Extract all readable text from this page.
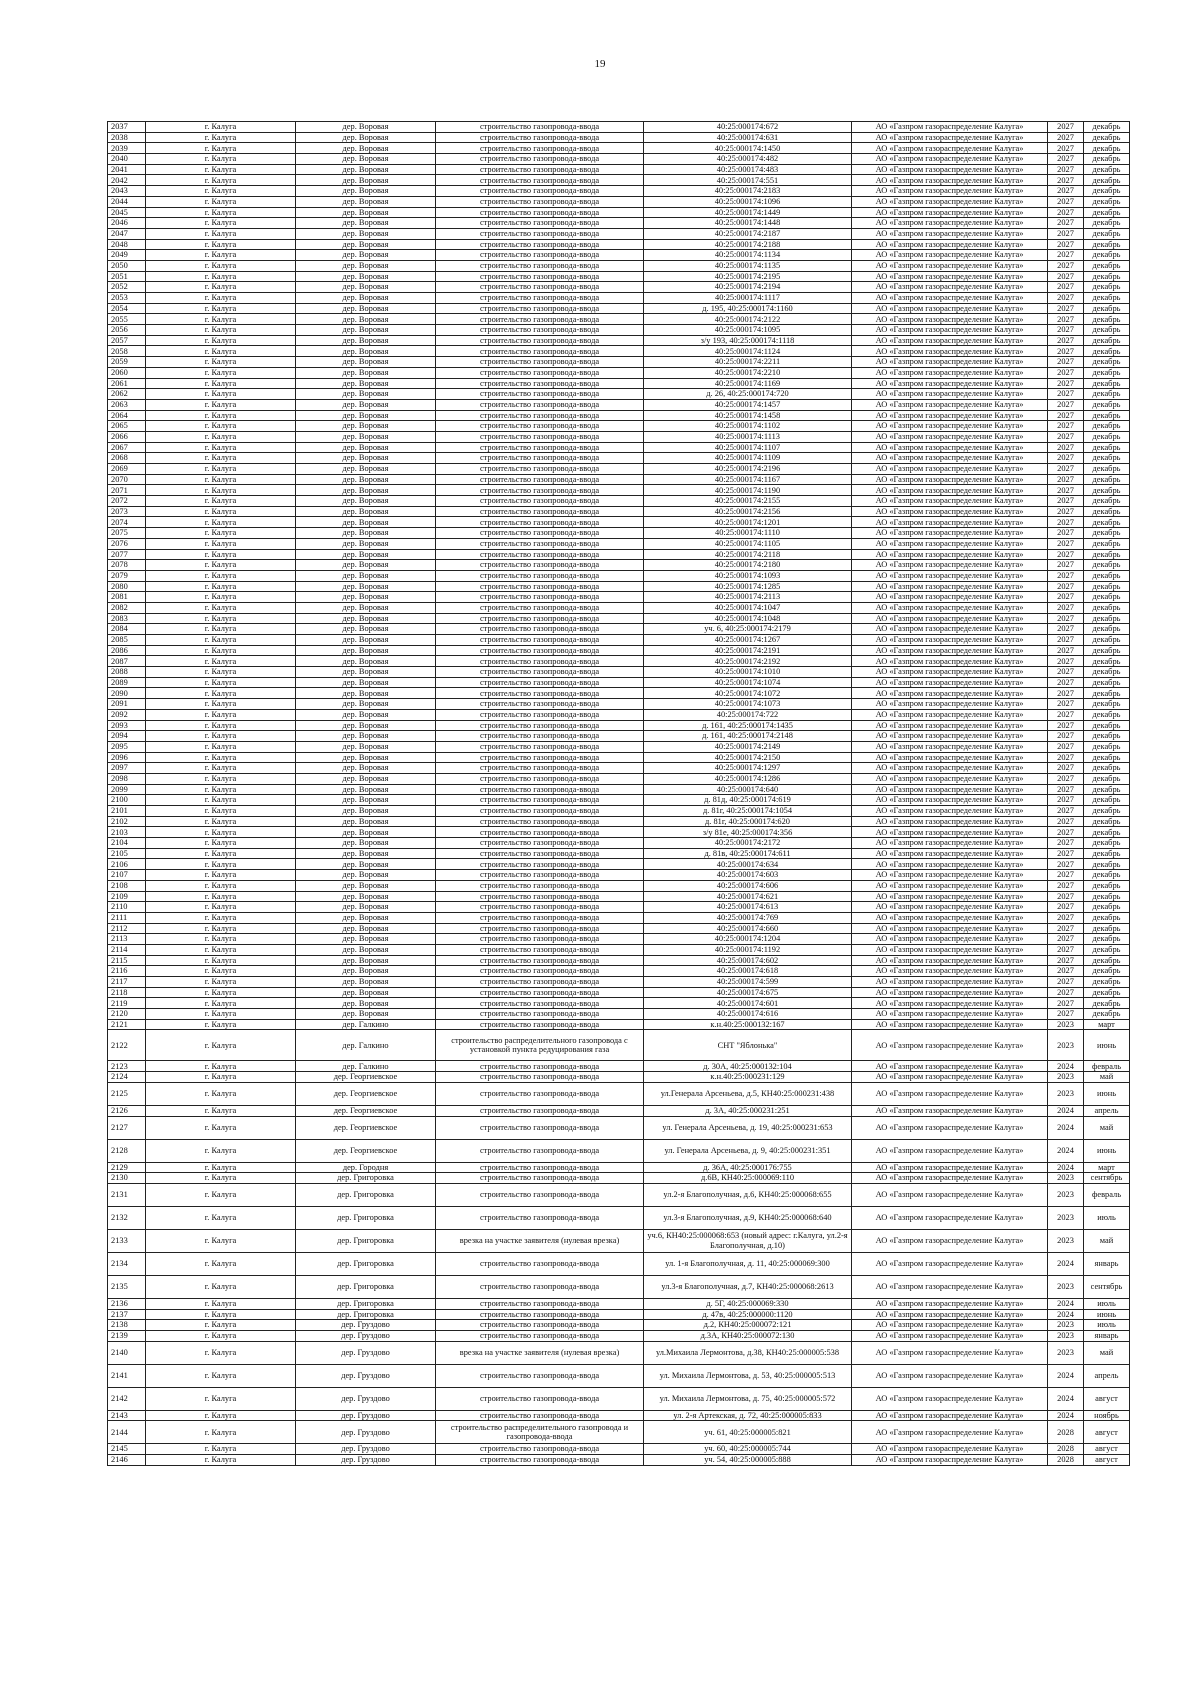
19
2037	г. Калуга	дер. Воровая	строительство газопровода-ввода	40:25:000174:672	АО «Газпром газораспределение Калуга»	2027	декабрь
2038	г. Калуга	дер. Воровая	строительство газопровода-ввода	40:25:000174:631	АО «Газпром газораспределение Калуга»	2027	декабрь
2039	г. Калуга	дер. Воровая	строительство газопровода-ввода	40:25:000174:1450	АО «Газпром газораспределение Калуга»	2027	декабрь
2040	г. Калуга	дер. Воровая	строительство газопровода-ввода	40:25:000174:482	АО «Газпром газораспределение Калуга»	2027	декабрь
2041	г. Калуга	дер. Воровая	строительство газопровода-ввода	40:25:000174:483	АО «Газпром газораспределение Калуга»	2027	декабрь
2042	г. Калуга	дер. Воровая	строительство газопровода-ввода	40:25:000174:551	АО «Газпром газораспределение Калуга»	2027	декабрь
2043	г. Калуга	дер. Воровая	строительство газопровода-ввода	40:25:000174:2183	АО «Газпром газораспределение Калуга»	2027	декабрь
2044	г. Калуга	дер. Воровая	строительство газопровода-ввода	40:25:000174:1096	АО «Газпром газораспределение Калуга»	2027	декабрь
2045	г. Калуга	дер. Воровая	строительство газопровода-ввода	40:25:000174:1449	АО «Газпром газораспределение Калуга»	2027	декабрь
2046	г. Калуга	дер. Воровая	строительство газопровода-ввода	40:25:000174:1448	АО «Газпром газораспределение Калуга»	2027	декабрь
2047	г. Калуга	дер. Воровая	строительство газопровода-ввода	40:25:000174:2187	АО «Газпром газораспределение Калуга»	2027	декабрь
2048	г. Калуга	дер. Воровая	строительство газопровода-ввода	40:25:000174:2188	АО «Газпром газораспределение Калуга»	2027	декабрь
2049	г. Калуга	дер. Воровая	строительство газопровода-ввода	40:25:000174:1134	АО «Газпром газораспределение Калуга»	2027	декабрь
2050	г. Калуга	дер. Воровая	строительство газопровода-ввода	40:25:000174:1135	АО «Газпром газораспределение Калуга»	2027	декабрь
2051	г. Калуга	дер. Воровая	строительство газопровода-ввода	40:25:000174:2195	АО «Газпром газораспределение Калуга»	2027	декабрь
2052	г. Калуга	дер. Воровая	строительство газопровода-ввода	40:25:000174:2194	АО «Газпром газораспределение Калуга»	2027	декабрь
2053	г. Калуга	дер. Воровая	строительство газопровода-ввода	40:25:000174:1117	АО «Газпром газораспределение Калуга»	2027	декабрь
2054	г. Калуга	дер. Воровая	строительство газопровода-ввода	д. 195, 40:25:000174:1160	АО «Газпром газораспределение Калуга»	2027	декабрь
2055	г. Калуга	дер. Воровая	строительство газопровода-ввода	40:25:000174:2122	АО «Газпром газораспределение Калуга»	2027	декабрь
2056	г. Калуга	дер. Воровая	строительство газопровода-ввода	40:25:000174:1095	АО «Газпром газораспределение Калуга»	2027	декабрь
2057	г. Калуга	дер. Воровая	строительство газопровода-ввода	з/у 193, 40:25:000174:1118	АО «Газпром газораспределение Калуга»	2027	декабрь
2058	г. Калуга	дер. Воровая	строительство газопровода-ввода	40:25:000174:1124	АО «Газпром газораспределение Калуга»	2027	декабрь
2059	г. Калуга	дер. Воровая	строительство газопровода-ввода	40:25:000174:2211	АО «Газпром газораспределение Калуга»	2027	декабрь
2060	г. Калуга	дер. Воровая	строительство газопровода-ввода	40:25:000174:2210	АО «Газпром газораспределение Калуга»	2027	декабрь
2061	г. Калуга	дер. Воровая	строительство газопровода-ввода	40:25:000174:1169	АО «Газпром газораспределение Калуга»	2027	декабрь
2062	г. Калуга	дер. Воровая	строительство газопровода-ввода	д. 26, 40:25:000174:720	АО «Газпром газораспределение Калуга»	2027	декабрь
2063	г. Калуга	дер. Воровая	строительство газопровода-ввода	40:25:000174:1457	АО «Газпром газораспределение Калуга»	2027	декабрь
2064	г. Калуга	дер. Воровая	строительство газопровода-ввода	40:25:000174:1458	АО «Газпром газораспределение Калуга»	2027	декабрь
2065	г. Калуга	дер. Воровая	строительство газопровода-ввода	40:25:000174:1102	АО «Газпром газораспределение Калуга»	2027	декабрь
2066	г. Калуга	дер. Воровая	строительство газопровода-ввода	40:25:000174:1113	АО «Газпром газораспределение Калуга»	2027	декабрь
2067	г. Калуга	дер. Воровая	строительство газопровода-ввода	40:25:000174:1107	АО «Газпром газораспределение Калуга»	2027	декабрь
2068	г. Калуга	дер. Воровая	строительство газопровода-ввода	40:25:000174:1109	АО «Газпром газораспределение Калуга»	2027	декабрь
2069	г. Калуга	дер. Воровая	строительство газопровода-ввода	40:25:000174:2196	АО «Газпром газораспределение Калуга»	2027	декабрь
2070	г. Калуга	дер. Воровая	строительство газопровода-ввода	40:25:000174:1167	АО «Газпром газораспределение Калуга»	2027	декабрь
2071	г. Калуга	дер. Воровая	строительство газопровода-ввода	40:25:000174:1190	АО «Газпром газораспределение Калуга»	2027	декабрь
2072	г. Калуга	дер. Воровая	строительство газопровода-ввода	40:25:000174:2155	АО «Газпром газораспределение Калуга»	2027	декабрь
2073	г. Калуга	дер. Воровая	строительство газопровода-ввода	40:25:000174:2156	АО «Газпром газораспределение Калуга»	2027	декабрь
2074	г. Калуга	дер. Воровая	строительство газопровода-ввода	40:25:000174:1201	АО «Газпром газораспределение Калуга»	2027	декабрь
2075	г. Калуга	дер. Воровая	строительство газопровода-ввода	40:25:000174:1110	АО «Газпром газораспределение Калуга»	2027	декабрь
2076	г. Калуга	дер. Воровая	строительство газопровода-ввода	40:25:000174:1105	АО «Газпром газораспределение Калуга»	2027	декабрь
2077	г. Калуга	дер. Воровая	строительство газопровода-ввода	40:25:000174:2118	АО «Газпром газораспределение Калуга»	2027	декабрь
2078	г. Калуга	дер. Воровая	строительство газопровода-ввода	40:25:000174:2180	АО «Газпром газораспределение Калуга»	2027	декабрь
2079	г. Калуга	дер. Воровая	строительство газопровода-ввода	40:25:000174:1093	АО «Газпром газораспределение Калуга»	2027	декабрь
2080	г. Калуга	дер. Воровая	строительство газопровода-ввода	40:25:000174:1285	АО «Газпром газораспределение Калуга»	2027	декабрь
2081	г. Калуга	дер. Воровая	строительство газопровода-ввода	40:25:000174:2113	АО «Газпром газораспределение Калуга»	2027	декабрь
2082	г. Калуга	дер. Воровая	строительство газопровода-ввода	40:25:000174:1047	АО «Газпром газораспределение Калуга»	2027	декабрь
2083	г. Калуга	дер. Воровая	строительство газопровода-ввода	40:25:000174:1048	АО «Газпром газораспределение Калуга»	2027	декабрь
2084	г. Калуга	дер. Воровая	строительство газопровода-ввода	уч. 6, 40:25:000174:2179	АО «Газпром газораспределение Калуга»	2027	декабрь
2085	г. Калуга	дер. Воровая	строительство газопровода-ввода	40:25:000174:1267	АО «Газпром газораспределение Калуга»	2027	декабрь
2086	г. Калуга	дер. Воровая	строительство газопровода-ввода	40:25:000174:2191	АО «Газпром газораспределение Калуга»	2027	декабрь
2087	г. Калуга	дер. Воровая	строительство газопровода-ввода	40:25:000174:2192	АО «Газпром газораспределение Калуга»	2027	декабрь
2088	г. Калуга	дер. Воровая	строительство газопровода-ввода	40:25:000174:1010	АО «Газпром газораспределение Калуга»	2027	декабрь
2089	г. Калуга	дер. Воровая	строительство газопровода-ввода	40:25:000174:1074	АО «Газпром газораспределение Калуга»	2027	декабрь
2090	г. Калуга	дер. Воровая	строительство газопровода-ввода	40:25:000174:1072	АО «Газпром газораспределение Калуга»	2027	декабрь
2091	г. Калуга	дер. Воровая	строительство газопровода-ввода	40:25:000174:1073	АО «Газпром газораспределение Калуга»	2027	декабрь
2092	г. Калуга	дер. Воровая	строительство газопровода-ввода	40:25:000174:722	АО «Газпром газораспределение Калуга»	2027	декабрь
2093	г. Калуга	дер. Воровая	строительство газопровода-ввода	д. 161, 40:25:000174:1435	АО «Газпром газораспределение Калуга»	2027	декабрь
2094	г. Калуга	дер. Воровая	строительство газопровода-ввода	д. 161, 40:25:000174:2148	АО «Газпром газораспределение Калуга»	2027	декабрь
2095	г. Калуга	дер. Воровая	строительство газопровода-ввода	40:25:000174:2149	АО «Газпром газораспределение Калуга»	2027	декабрь
2096	г. Калуга	дер. Воровая	строительство газопровода-ввода	40:25:000174:2150	АО «Газпром газораспределение Калуга»	2027	декабрь
2097	г. Калуга	дер. Воровая	строительство газопровода-ввода	40:25:000174:1297	АО «Газпром газораспределение Калуга»	2027	декабрь
2098	г. Калуга	дер. Воровая	строительство газопровода-ввода	40:25:000174:1286	АО «Газпром газораспределение Калуга»	2027	декабрь
2099	г. Калуга	дер. Воровая	строительство газопровода-ввода	40:25:000174:640	АО «Газпром газораспределение Калуга»	2027	декабрь
2100	г. Калуга	дер. Воровая	строительство газопровода-ввода	д. 81д, 40:25:000174:619	АО «Газпром газораспределение Калуга»	2027	декабрь
2101	г. Калуга	дер. Воровая	строительство газопровода-ввода	д. 81г, 40:25:000174:1054	АО «Газпром газораспределение Калуга»	2027	декабрь
2102	г. Калуга	дер. Воровая	строительство газопровода-ввода	д. 81г, 40:25:000174:620	АО «Газпром газораспределение Калуга»	2027	декабрь
2103	г. Калуга	дер. Воровая	строительство газопровода-ввода	з/у 81е, 40:25:000174:356	АО «Газпром газораспределение Калуга»	2027	декабрь
2104	г. Калуга	дер. Воровая	строительство газопровода-ввода	40:25:000174:2172	АО «Газпром газораспределение Калуга»	2027	декабрь
2105	г. Калуга	дер. Воровая	строительство газопровода-ввода	д. 81в, 40:25:000174:611	АО «Газпром газораспределение Калуга»	2027	декабрь
2106	г. Калуга	дер. Воровая	строительство газопровода-ввода	40:25:000174:634	АО «Газпром газораспределение Калуга»	2027	декабрь
2107	г. Калуга	дер. Воровая	строительство газопровода-ввода	40:25:000174:603	АО «Газпром газораспределение Калуга»	2027	декабрь
2108	г. Калуга	дер. Воровая	строительство газопровода-ввода	40:25:000174:606	АО «Газпром газораспределение Калуга»	2027	декабрь
2109	г. Калуга	дер. Воровая	строительство газопровода-ввода	40:25:000174:621	АО «Газпром газораспределение Калуга»	2027	декабрь
2110	г. Калуга	дер. Воровая	строительство газопровода-ввода	40:25:000174:613	АО «Газпром газораспределение Калуга»	2027	декабрь
2111	г. Калуга	дер. Воровая	строительство газопровода-ввода	40:25:000174:769	АО «Газпром газораспределение Калуга»	2027	декабрь
2112	г. Калуга	дер. Воровая	строительство газопровода-ввода	40:25:000174:660	АО «Газпром газораспределение Калуга»	2027	декабрь
2113	г. Калуга	дер. Воровая	строительство газопровода-ввода	40:25:000174:1204	АО «Газпром газораспределение Калуга»	2027	декабрь
2114	г. Калуга	дер. Воровая	строительство газопровода-ввода	40:25:000174:1192	АО «Газпром газораспределение Калуга»	2027	декабрь
2115	г. Калуга	дер. Воровая	строительство газопровода-ввода	40:25:000174:602	АО «Газпром газораспределение Калуга»	2027	декабрь
2116	г. Калуга	дер. Воровая	строительство газопровода-ввода	40:25:000174:618	АО «Газпром газораспределение Калуга»	2027	декабрь
2117	г. Калуга	дер. Воровая	строительство газопровода-ввода	40:25:000174:599	АО «Газпром газораспределение Калуга»	2027	декабрь
2118	г. Калуга	дер. Воровая	строительство газопровода-ввода	40:25:000174:675	АО «Газпром газораспределение Калуга»	2027	декабрь
2119	г. Калуга	дер. Воровая	строительство газопровода-ввода	40:25:000174:601	АО «Газпром газораспределение Калуга»	2027	декабрь
2120	г. Калуга	дер. Воровая	строительство газопровода-ввода	40:25:000174:616	АО «Газпром газораспределение Калуга»	2027	декабрь
2121	г. Калуга	дер. Галкино	строительство газопровода-ввода	к.н.40:25:000132:167	АО «Газпром газораспределение Калуга»	2023	март
2122	г. Калуга	дер. Галкино	строительство распределительного газопровода с установкой пункта редуцирования газа	СНТ "Яблонька"	АО «Газпром газораспределение Калуга»	2023	июнь
2123	г. Калуга	дер. Галкино	строительство газопровода-ввода	д. 30А, 40:25:000132:104	АО «Газпром газораспределение Калуга»	2024	февраль
2124	г. Калуга	дер. Георгиевское	строительство газопровода-ввода	к.н.40:25:000231:129	АО «Газпром газораспределение Калуга»	2023	май
2125	г. Калуга	дер. Георгиевское	строительство газопровода-ввода	ул.Генерала Арсеньева, д.5, КН40:25:000231:438	АО «Газпром газораспределение Калуга»	2023	июнь
2126	г. Калуга	дер. Георгиевское	строительство газопровода-ввода	д. 3А, 40:25:000231:251	АО «Газпром газораспределение Калуга»	2024	апрель
2127	г. Калуга	дер. Георгиевское	строительство газопровода-ввода	ул. Генерала Арсеньева, д. 19, 40:25:000231:653	АО «Газпром газораспределение Калуга»	2024	май
2128	г. Калуга	дер. Георгиевское	строительство газопровода-ввода	ул. Генерала Арсеньева, д. 9, 40:25:000231:351	АО «Газпром газораспределение Калуга»	2024	июнь
2129	г. Калуга	дер. Городня	строительство газопровода-ввода	д. 36А, 40:25:000176:755	АО «Газпром газораспределение Калуга»	2024	март
2130	г. Калуга	дер. Григоровка	строительство газопровода-ввода	д.6В, КН40:25:000069:110	АО «Газпром газораспределение Калуга»	2023	сентябрь
2131	г. Калуга	дер. Григоровка	строительство газопровода-ввода	ул.2-я Благополучная, д.6, КН40:25:000068:655	АО «Газпром газораспределение Калуга»	2023	февраль
2132	г. Калуга	дер. Григоровка	строительство газопровода-ввода	ул.3-я Благополучная, д.9, КН40:25:000068:640	АО «Газпром газораспределение Калуга»	2023	июль
2133	г. Калуга	дер. Григоровка	врезка на участке заявителя (нулевая врезка)	уч.6, КН40:25:000068:653 (новый адрес: г.Калуга, ул.2-я Благополучная, д.10)	АО «Газпром газораспределение Калуга»	2023	май
2134	г. Калуга	дер. Григоровка	строительство газопровода-ввода	ул. 1-я Благополучная, д. 11, 40:25:000069:300	АО «Газпром газораспределение Калуга»	2024	январь
2135	г. Калуга	дер. Григоровка	строительство газопровода-ввода	ул.3-я Благополучная, д.7, КН40:25:000068:2613	АО «Газпром газораспределение Калуга»	2023	сентябрь
2136	г. Калуга	дер. Григоровка	строительство газопровода-ввода	д. 5Г, 40:25:000069:330	АО «Газпром газораспределение Калуга»	2024	июль
2137	г. Калуга	дер. Григоровка	строительство газопровода-ввода	д. 47в, 40:25:000000:1120	АО «Газпром газораспределение Калуга»	2024	июнь
2138	г. Калуга	дер. Груздово	строительство газопровода-ввода	д.2, КН40:25:000072:121	АО «Газпром газораспределение Калуга»	2023	июль
2139	г. Калуга	дер. Груздово	строительство газопровода-ввода	д.3А, КН40:25:000072:130	АО «Газпром газораспределение Калуга»	2023	январь
2140	г. Калуга	дер. Груздово	врезка на участке заявителя (нулевая врезка)	ул.Михаила Лермонтова, д.38, КН40:25:000005:538	АО «Газпром газораспределение Калуга»	2023	май
2141	г. Калуга	дер. Груздово	строительство газопровода-ввода	ул. Михаила Лермонтова, д. 53, 40:25:000005:513	АО «Газпром газораспределение Калуга»	2024	апрель
2142	г. Калуга	дер. Груздово	строительство газопровода-ввода	ул. Михаила Лермонтова, д. 75, 40:25:000005:572	АО «Газпром газораспределение Калуга»	2024	август
2143	г. Калуга	дер. Груздово	строительство газопровода-ввода	ул. 2-я Артекская, д. 72, 40:25:000005:833	АО «Газпром газораспределение Калуга»	2024	ноябрь
2144	г. Калуга	дер. Груздово	строительство распределительного газопровода и газопровода-ввода	уч. 61, 40:25:000005:821	АО «Газпром газораспределение Калуга»	2028	август
2145	г. Калуга	дер. Груздово	строительство газопровода-ввода	уч. 60, 40:25:000005:744	АО «Газпром газораспределение Калуга»	2028	август
2146	г. Калуга	дер. Груздово	строительство газопровода-ввода	уч. 54, 40:25:000005:888	АО «Газпром газораспределение Калуга»	2028	август
